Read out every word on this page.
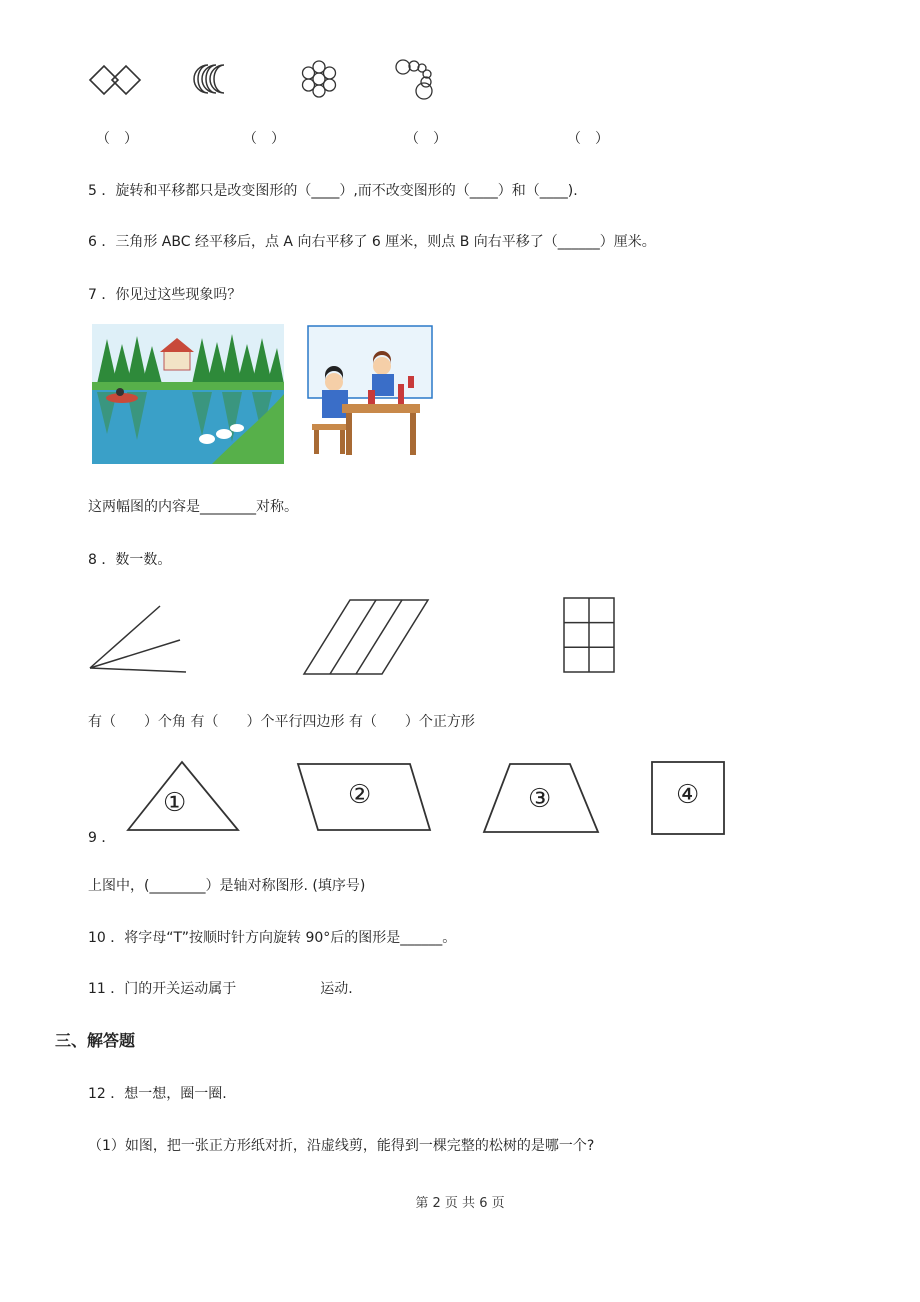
（　）	（　）	（　）	（　）
5 ．旋转和平移都只是改变图形的（____）,而不改变图形的（____）和（____).
6 ．三角形 ABC 经平移后，点 A 向右平移了 6 厘米，则点 B 向右平移了（______）厘米。
7 ．你见过这些现象吗？
这两幅图的内容是________对称。
8 ．数一数。
有（　　）个角 有（　　）个平行四边形 有（　　）个正方形
9 ．
①	②	③	④
上图中，(________）是轴对称图形. (填序号)
10 ．将字母“T”按顺时针方向旋转 90°后的图形是______。
11 ．门的开关运动属于　　　　　　运动.
三、解答题
12 ．想一想，圈一圈.
（1）如图，把一张正方形纸对折，沿虚线剪，能得到一棵完整的松树的是哪一个?
第 2 页 共 6 页
